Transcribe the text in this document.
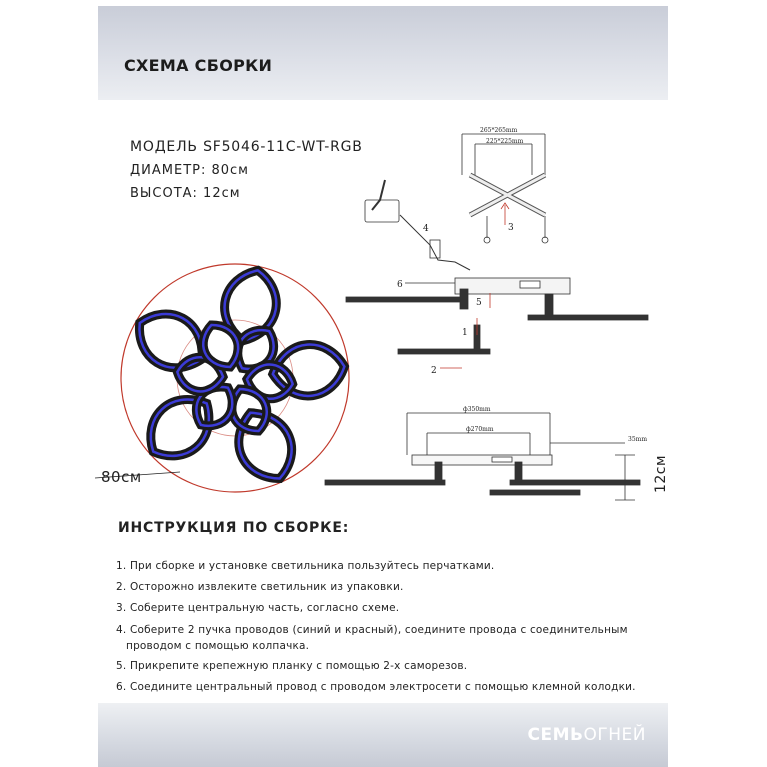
СХЕМА СБОРКИ
МОДЕЛЬ SF5046-11C-WT-RGB
ДИАМЕТР: 80см
ВЫСОТА: 12см
265*265mm
225*225mm
ф350mm
ф270mm
35mm
1
2
3
4
5
6
80см	12см
ИНСТРУКЦИЯ ПО СБОРКЕ:
1. При сборке и установке светильника пользуйтесь перчатками.
2. Осторожно извлеките светильник из упаковки.
3. Соберите центральную часть, согласно схеме.
4. Соберите 2 пучка проводов (синий и красный), соедините провода с соединительным
проводом с помощью колпачка.
5. Прикрепите крепежную планку с помощью 2-х саморезов.
6. Соедините центральный провод с проводом электросети с помощью клемной колодки.
СЕМЬОГНЕЙ
